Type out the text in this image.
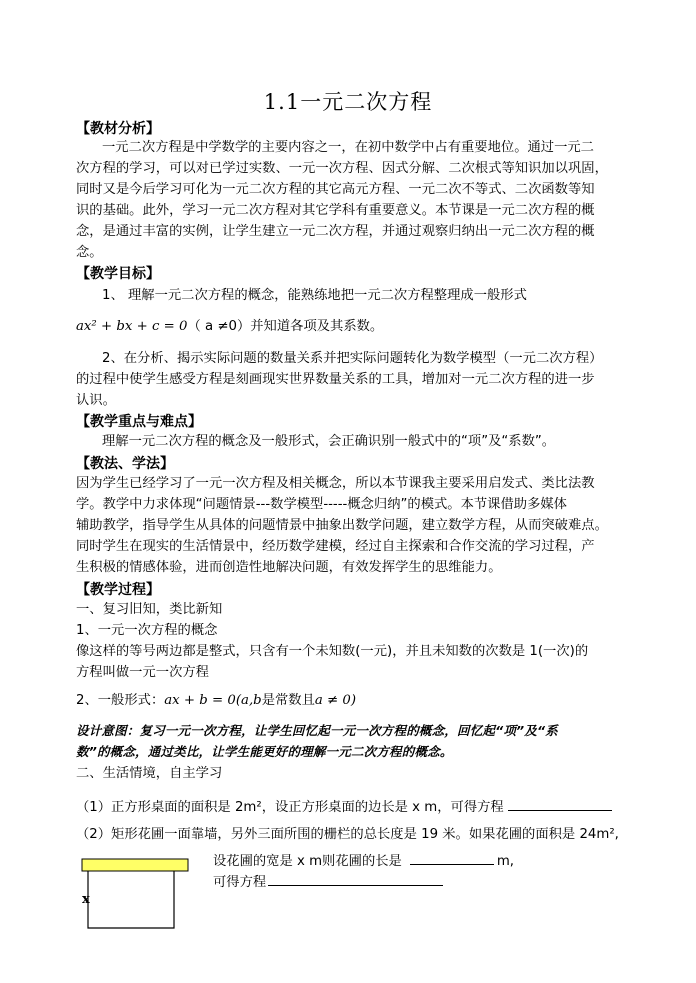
1.1一元二次方程
【教材分析】
一元二次方程是中学数学的主要内容之一，在初中数学中占有重要地位。通过一元二
次方程的学习，可以对已学过实数、一元一次方程、因式分解、二次根式等知识加以巩固，
同时又是今后学习可化为一元二次方程的其它高元方程、一元二次不等式、二次函数等知
识的基础。此外，学习一元二次方程对其它学科有重要意义。本节课是一元二次方程的概
念，是通过丰富的实例，让学生建立一元二次方程，并通过观察归纳出一元二次方程的概
念。
【教学目标】
1、 理解一元二次方程的概念，能熟练地把一元二次方程整理成一般形式
ax² + bx + c = 0（ a ≠0）并知道各项及其系数。
2、在分析、揭示实际问题的数量关系并把实际问题转化为数学模型（一元二次方程）
的过程中使学生感受方程是刻画现实世界数量关系的工具，增加对一元二次方程的进一步
认识。
【教学重点与难点】
理解一元二次方程的概念及一般形式，会正确识别一般式中的“项”及“系数”。
【教法、学法】
因为学生已经学习了一元一次方程及相关概念，所以本节课我主要采用启发式、类比法教
学。教学中力求体现“问题情景---数学模型-----概念归纳”的模式。本节课借助多媒体
辅助教学，指导学生从具体的问题情景中抽象出数学问题，建立数学方程，从而突破难点。
同时学生在现实的生活情景中，经历数学建模，经过自主探索和合作交流的学习过程，产
生积极的情感体验，进而创造性地解决问题，有效发挥学生的思维能力。
【教学过程】
一、复习旧知，类比新知
1、一元一次方程的概念
像这样的等号两边都是整式，只含有一个未知数(一元)，并且未知数的次数是 1(一次)的
方程叫做一元一次方程
2、一般形式：ax + b = 0(a,b是常数且a ≠ 0)
设计意图：复习一元一次方程，让学生回忆起一元一次方程的概念，回忆起“项”及“系
数”的概念，通过类比，让学生能更好的理解一元二次方程的概念。
二、生活情境，自主学习
（1）正方形桌面的面积是 2m²，设正方形桌面的边长是 x m，可得方程
（2）矩形花圃一面靠墙，另外三面所围的栅栏的总长度是 19 米。如果花圃的面积是 24m²,
设花圃的宽是 x m则花圃的长是	m,
可得方程
x
